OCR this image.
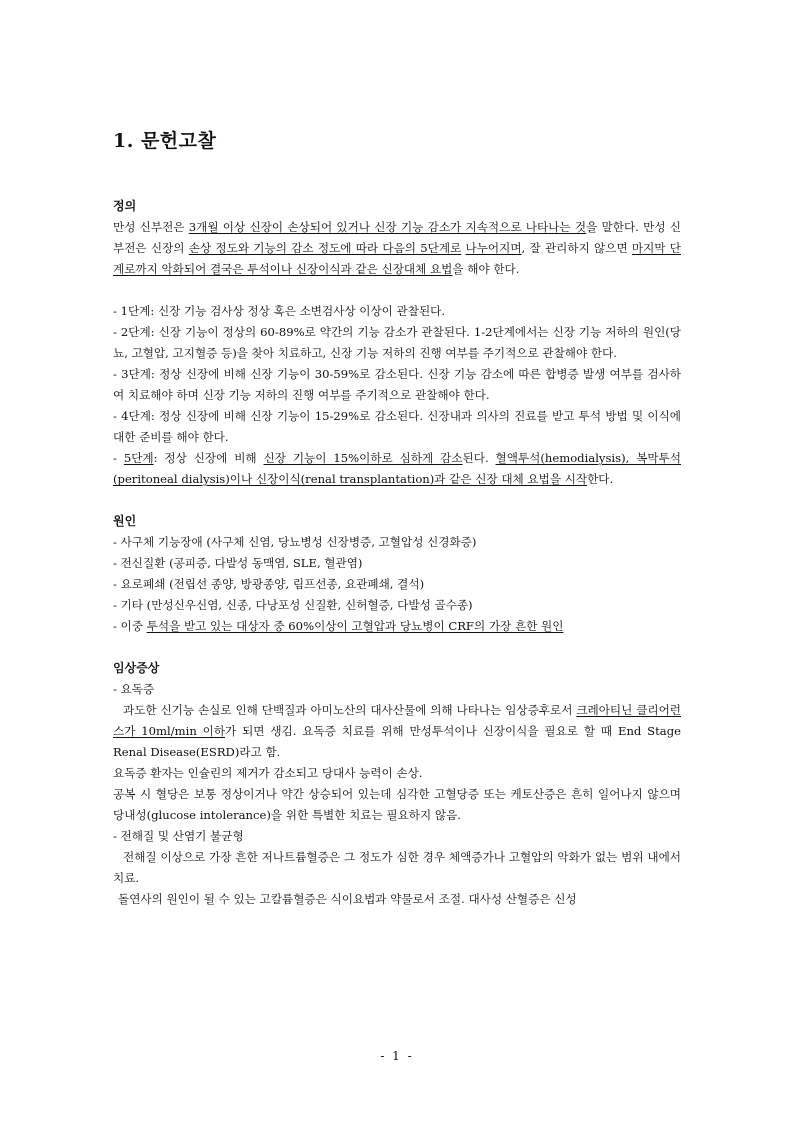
1. 문헌고찰
정의
만성 신부전은 3개월 이상 신장이 손상되어 있거나 신장 기능 감소가 지속적으로 나타나는 것을 말한다. 만성 신부전은 신장의 손상 정도와 기능의 감소 정도에 따라 다음의 5단계로 나누어지며, 잘 관리하지 않으면 마지막 단계로까지 악화되어 결국은 투석이나 신장이식과 같은 신장대체 요법을 해야 한다.
- 1단계: 신장 기능 검사상 정상 혹은 소변검사상 이상이 관찰된다.
- 2단계: 신장 기능이 정상의 60-89%로 약간의 기능 감소가 관찰된다. 1-2단계에서는 신장 기능 저하의 원인(당뇨, 고혈압, 고지혈증 등)을 찾아 치료하고, 신장 기능 저하의 진행 여부를 주기적으로 관찰해야 한다.
- 3단계: 정상 신장에 비해 신장 기능이 30-59%로 감소된다. 신장 기능 감소에 따른 합병증 발생 여부를 검사하여 치료해야 하며 신장 기능 저하의 진행 여부를 주기적으로 관찰해야 한다.
- 4단계: 정상 신장에 비해 신장 기능이 15-29%로 감소된다. 신장내과 의사의 진료를 받고 투석 방법 및 이식에 대한 준비를 해야 한다.
- 5단계: 정상 신장에 비해 신장 기능이 15%이하로 심하게 감소된다. 혈액투석(hemodialysis), 복막투석(peritoneal dialysis)이나 신장이식(renal transplantation)과 같은 신장 대체 요법을 시작한다.
원인
- 사구체 기능장애 (사구체 신염, 당뇨병성 신장병증, 고혈압성 신경화증)
- 전신질환 (공피증, 다발성 동맥염, SLE, 혈관염)
- 요로폐쇄 (전립선 종양, 방광종양, 림프선종, 요관폐쇄, 결석)
- 기타 (만성신우신염, 신종, 다낭포성 신질환, 신허혈증, 다발성 골수종)
- 이중 투석을 받고 있는 대상자 중 60%이상이 고혈압과 당뇨병이 CRF의 가장 흔한 원인
임상증상
- 요독증
과도한 신기능 손실로 인해 단백질과 아미노산의 대사산물에 의해 나타나는 임상증후로서 크레아티닌 클리어런스가 10ml/min 이하가 되면 생김. 요독증 치료를 위해 만성투석이나 신장이식을 필요로 할 때 End Stage Renal Disease(ESRD)라고 함.
요독증 환자는 인슐린의 제거가 감소되고 당대사 능력이 손상.
공복 시 혈당은 보통 정상이거나 약간 상승되어 있는데 심각한 고혈당증 또는 케토산증은 흔히 일어나지 않으며 당내성(glucose intolerance)을 위한 특별한 치료는 필요하지 않음.
- 전해질 및 산염기 불균형
전해질 이상으로 가장 흔한 저나트륨혈증은 그 정도가 심한 경우 체액증가나 고혈압의 악화가 없는 범위 내에서 치료.
돌연사의 원인이 될 수 있는 고칼륨혈증은 식이요법과 약물로서 조절. 대사성 산혈증은 신성
- 1 -
